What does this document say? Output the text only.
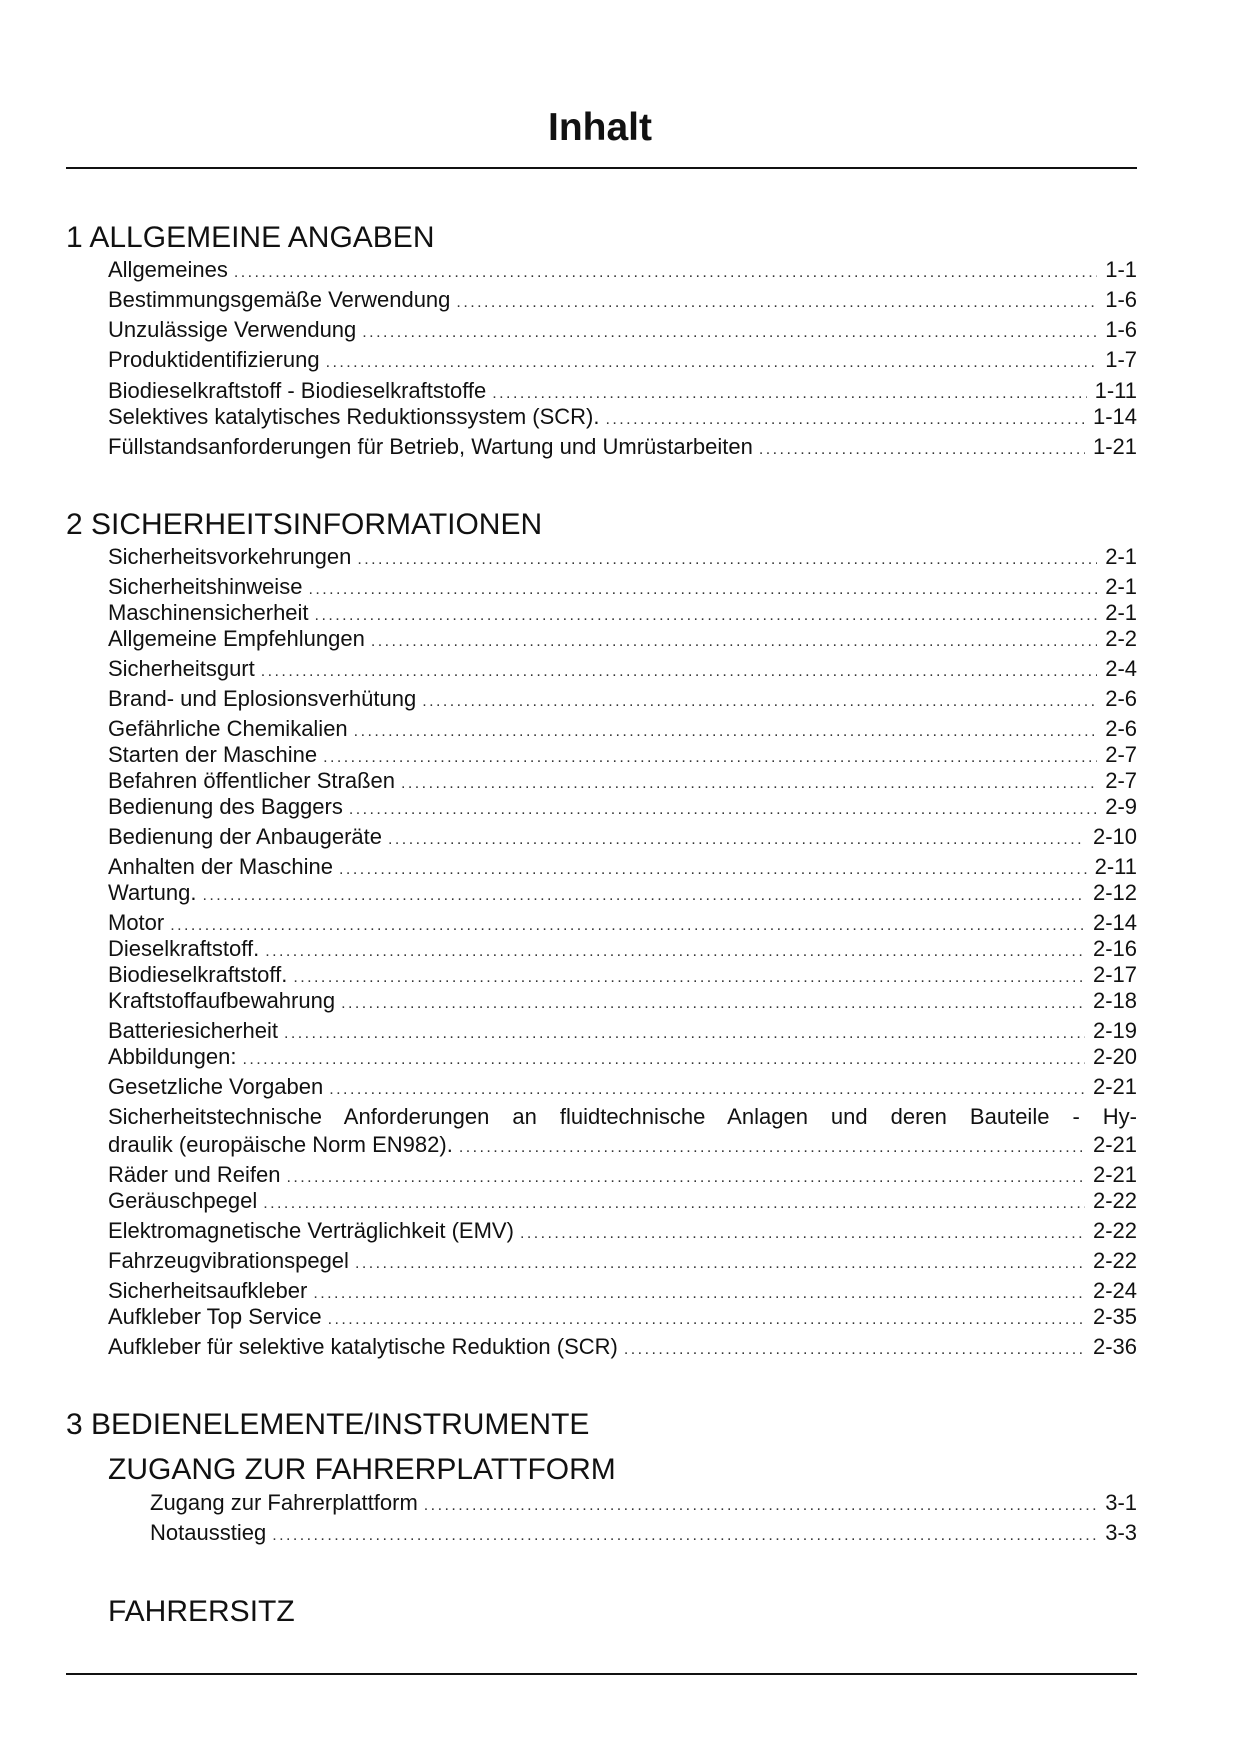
Inhalt
1 ALLGEMEINE ANGABEN
Allgemeines . . .	1-1
Bestimmungsgemäße Verwendung . . .	1-6
Unzulässige Verwendung . . .	1-6
Produktidentifizierung . . .	1-7
Biodieselkraftstoff - Biodieselkraftstoffe . . .	1-11
Selektives katalytisches Reduktionssystem (SCR). . . .	1-14
Füllstandsanforderungen für Betrieb, Wartung und Umrüstarbeiten . . .	1-21
2 SICHERHEITSINFORMATIONEN
Sicherheitsvorkehrungen . . .	2-1
Sicherheitshinweise . . .	2-1
Maschinensicherheit . . .	2-1
Allgemeine Empfehlungen . . .	2-2
Sicherheitsgurt . . .	2-4
Brand- und Eplosionsverhütung . . .	2-6
Gefährliche Chemikalien . . .	2-6
Starten der Maschine . . .	2-7
Befahren öffentlicher Straßen . . .	2-7
Bedienung des Baggers . . .	2-9
Bedienung der Anbaugeräte . . .	2-10
Anhalten der Maschine . . .	2-11
Wartung. . . .	2-12
Motor . . .	2-14
Dieselkraftstoff. . . .	2-16
Biodieselkraftstoff. . . .	2-17
Kraftstoffaufbewahrung . . .	2-18
Batteriesicherheit . . .	2-19
Abbildungen: . . .	2-20
Gesetzliche Vorgaben . . .	2-21
Sicherheitstechnische Anforderungen an fluidtechnische Anlagen und deren Bauteile - Hy-
draulik (europäische Norm EN982). . . .	2-21
Räder und Reifen . . .	2-21
Geräuschpegel . . .	2-22
Elektromagnetische Verträglichkeit (EMV) . . .	2-22
Fahrzeugvibrationspegel . . .	2-22
Sicherheitsaufkleber . . .	2-24
Aufkleber Top Service . . .	2-35
Aufkleber für selektive katalytische Reduktion (SCR) . . .	2-36
3 BEDIENELEMENTE/INSTRUMENTE
ZUGANG ZUR FAHRERPLATTFORM
Zugang zur Fahrerplattform . . .	3-1
Notausstieg . . .	3-3
FAHRERSITZ
